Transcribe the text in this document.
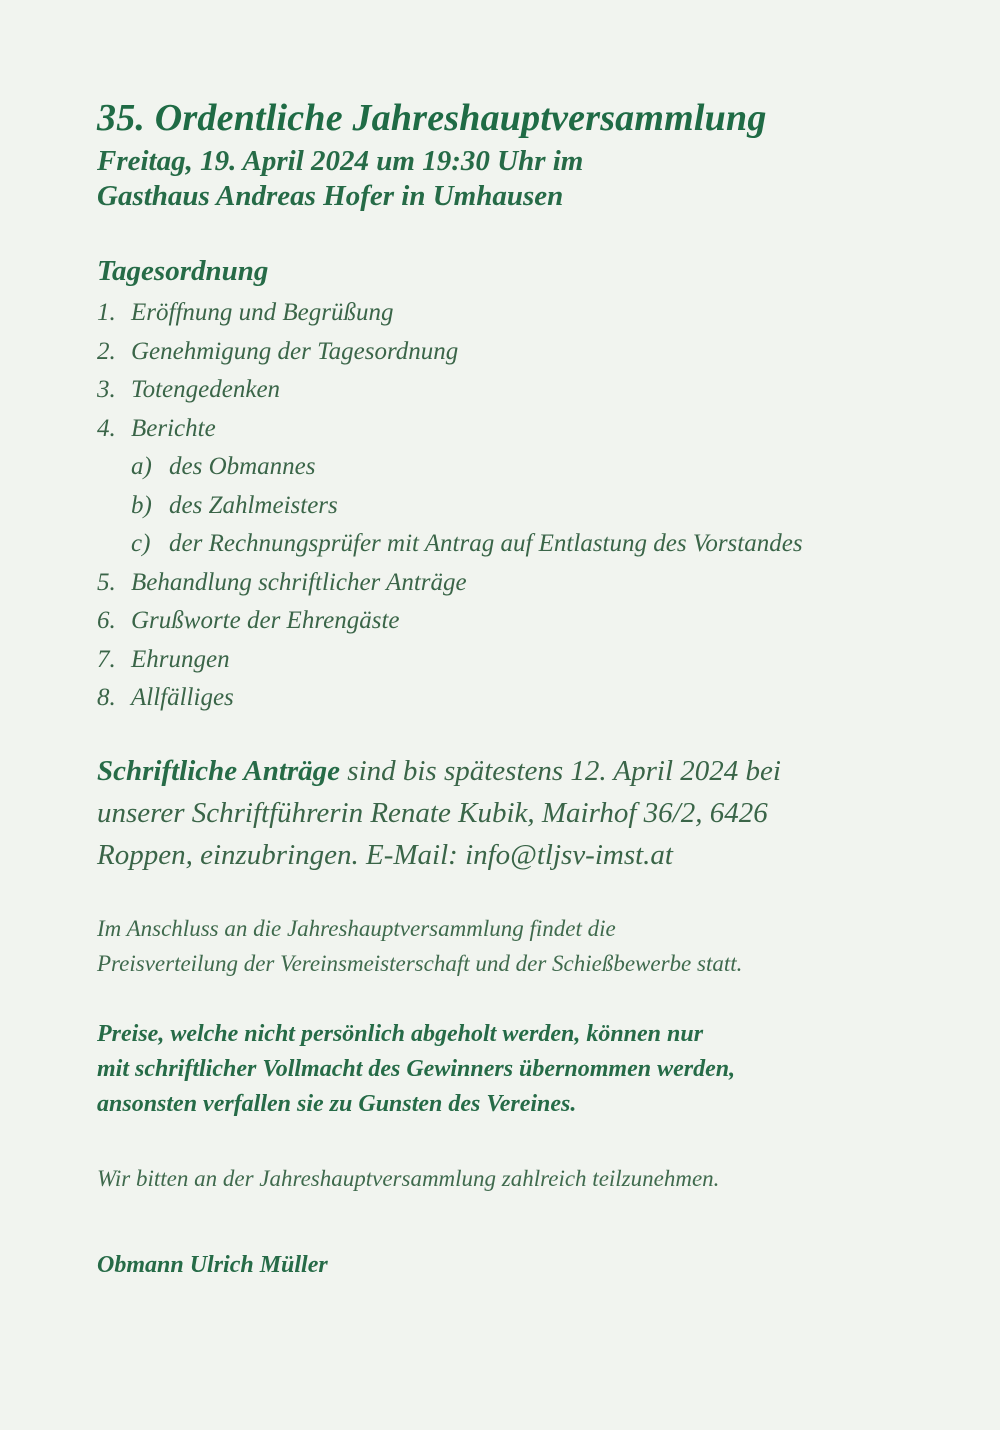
35. Ordentliche Jahreshauptversammlung
Freitag, 19. April 2024 um 19:30 Uhr im
Gasthaus Andreas Hofer in Umhausen
Tagesordnung
1. Eröffnung und Begrüßung
2. Genehmigung der Tagesordnung
3. Totengedenken
4. Berichte
a) des Obmannes
b) des Zahlmeisters
c) der Rechnungsprüfer mit Antrag auf Entlastung des Vorstandes
5. Behandlung schriftlicher Anträge
6. Grußworte der Ehrengäste
7. Ehrungen
8. Allfälliges
Schriftliche Anträge sind bis spätestens 12. April 2024 bei
unserer Schriftführerin Renate Kubik, Mairhof 36/2, 6426
Roppen, einzubringen. E-Mail: info@tljsv-imst.at
Im Anschluss an die Jahreshauptversammlung findet die
Preisverteilung der Vereinsmeisterschaft und der Schießbewerbe statt.
Preise, welche nicht persönlich abgeholt werden, können nur
mit schriftlicher Vollmacht des Gewinners übernommen werden,
ansonsten verfallen sie zu Gunsten des Vereines.
Wir bitten an der Jahreshauptversammlung zahlreich teilzunehmen.
Obmann Ulrich Müller
